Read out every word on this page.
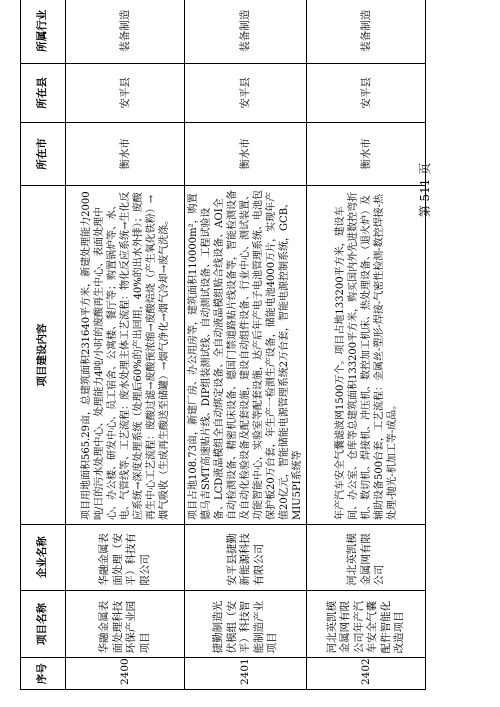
序号	项目名称	企业名称	项目建设内容	所在市	所在县	所属行业					
2400	华融金属表面处理科技环保产业园项目	华融金属表面处理（安平）科技有限公司	项目用地面积565.29亩，总建筑面积231640平方米，新建处理能力2000吨/日的污水处理中心、处理能力4吨/小时的废酸再生中心、表面处理中心、办公楼、研发中心、员工宿舍、公寓楼、餐厅等；购置锅炉等、水、电、气管线等、工艺流程：废水处理主体工艺流程：物化反应系统→生化反应系统→深度处理系统（处理后60%的产出回用，40%的出水外排）；废酸再生中心工艺流程：废酸过滤→废酸预浓缩→废酸焙烧（产生氧化铁粉）→烟气吸收（生成再生酸送至储罐）→烟气净化→烟气冷却→废气洗涤。	衡水市	安平县	装备制造					
2401	捷勤制造光伏模组（安平）科技智能制造产业项目	安平县捷勤新能源科技有限公司	项目占地108.73亩，新建厂房、办公用房等，建筑面积110000m²，购置德马吉SMT高速贴片线、DIP组装测试线、自动测试设备、工程试验设备、LCD液晶模组全自动绑定设备、全自动液晶模组贴合线设备、AOI全自动检测设备、精密机床设备、德国门禁道路贴片线设备等，智能检测设备及自动化检验设备及配套设施，建设自动组件设备、行业中心、测试装置、功能智能中心，实验室等配套设施，达产后年产电子电池管理系统、电池包保护板20万台套，年生产一检测生产设备，储能电池4000万片，实现年产值20亿元，智能储能电源管理系统2万台套，智能电源控制系统，GCB、MIU5PI系统等	衡水市	安平县	装备制造					
2402	河北英凯模金属网有限公司年产汽车安全气囊配件智能化改造项目	河北英凯模金属网有限公司	年产汽车安全气囊滤波网1500万个。项目占地133200平方米，建设车间、办公室、仓库等总建筑面积133200平方米，购买国内外先进数控弯折机、数切机、焊接机、冲压机、数控加工机床、热处理设备、（退火炉）及辅助设备500台套，工艺流程：金属丝-塑形-焊接-气密性检测-数控焊接-热处理-抛光-机加工等-成品。	衡水市	安平县	装备制造					
第 511 页
